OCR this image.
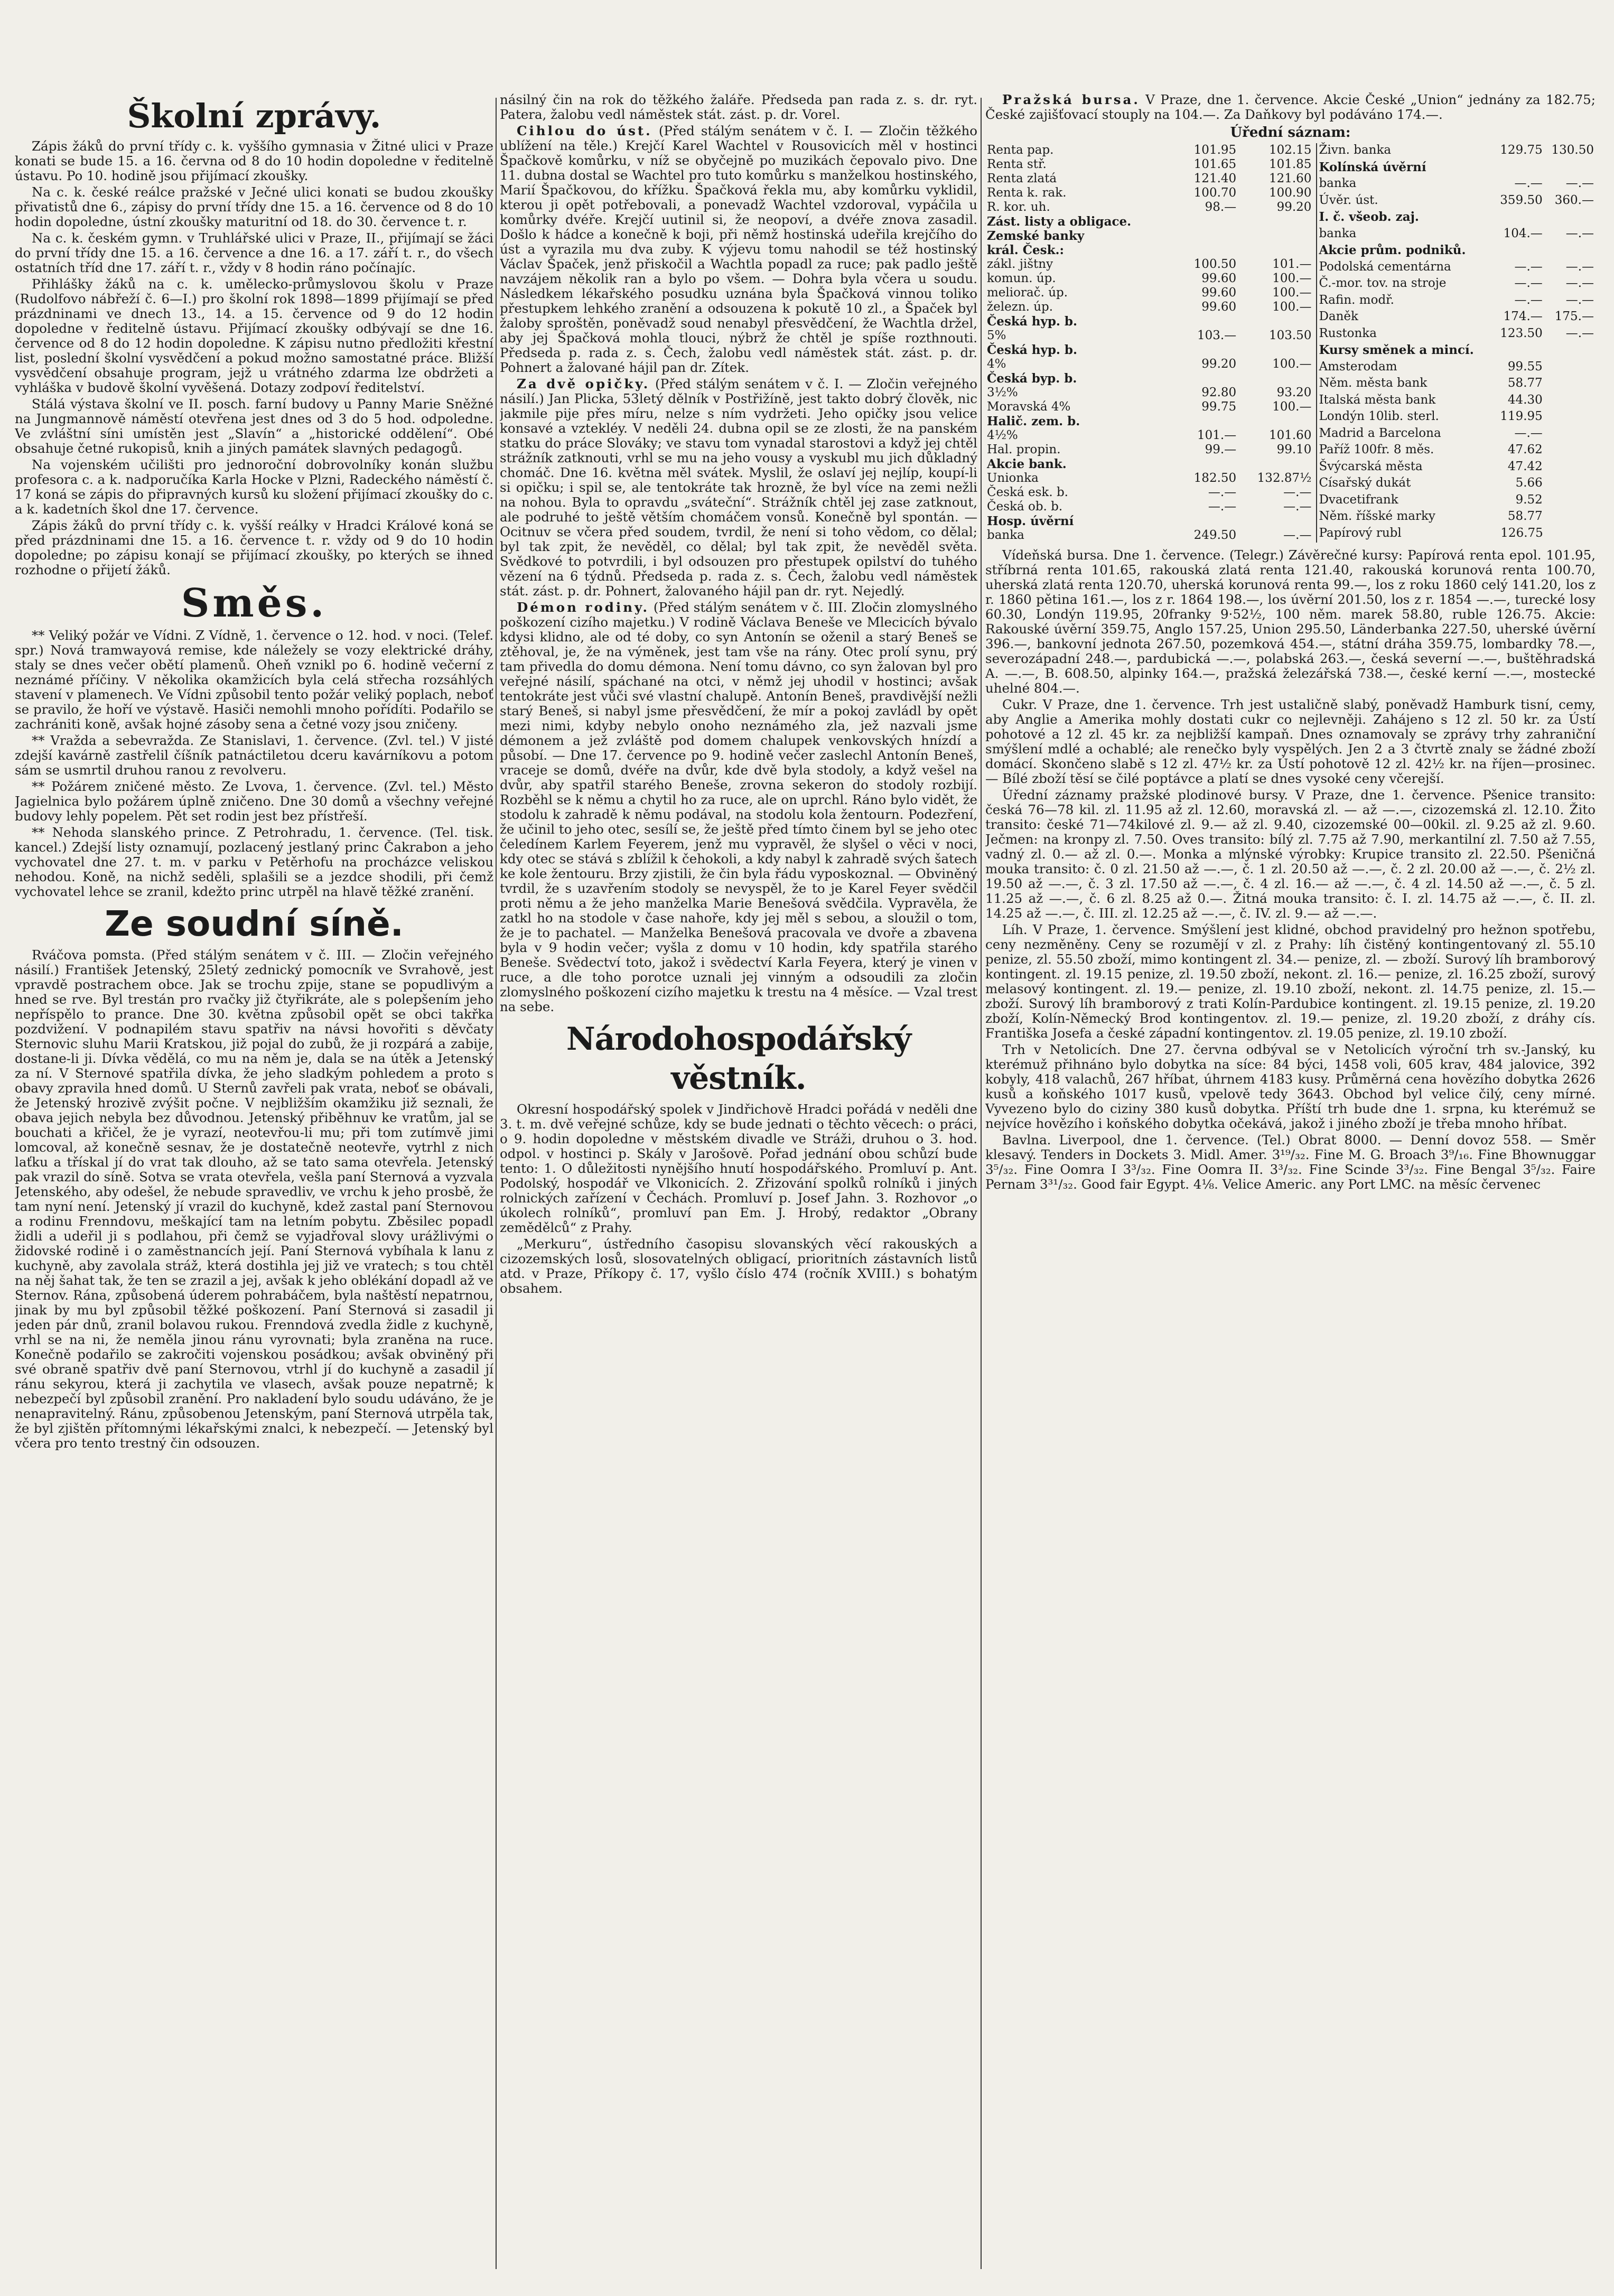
Školní zprávy.

Zápis žáků do první třídy c. k. vyššího gymnasia v Žitné ulici v Praze konati se bude 15. a 16. června od 8 do 10 hodin dopoledne v ředitelně ústavu. Po 10. hodině jsou přijímací zkoušky.

Na c. k. české reálce pražské v Ječné ulici konati se budou zkoušky přivatistů dne 6., zápisy do první třídy dne 15. a 16. července od 8 do 10 hodin dopoledne, ústní zkoušky maturitní od 18. do 30. července t. r.

Na c. k. českém gymn. v Truhlářské ulici v Praze, II., přijímají se žáci do první třídy dne 15. a 16. července a dne 16. a 17. září t. r., do všech ostatních tříd dne 17. září t. r., vždy v 8 hodin ráno počínajíc.

Přihlášky žáků na c. k. umělecko-průmyslovou školu v Praze (Rudolfovo nábřeží č. 6—I.) pro školní rok 1898—1899 přijímají se před prázdninami ve dnech 13., 14. a 15. července od 9 do 12 hodin dopoledne v ředitelně ústavu. Přijímací zkoušky odbývají se dne 16. července od 8 do 12 hodin dopoledne. K zápisu nutno předložiti křestní list, poslední školní vysvědčení a pokud možno samostatné práce. Bližší vysvědčení obsahuje program, jejž u vrátného zdarma lze obdržeti a vyhláška v budově školní vyvěšená. Dotazy zodpoví ředitelství.

Stálá výstava školní ve II. posch. farní budovy u Panny Marie Sněžné na Jungmannově náměstí otevřena jest dnes od 3 do 5 hod. odpoledne. Ve zvláštní síni umístěn jest „Slavín“ a „historické oddělení“. Obé obsahuje četné rukopisů, knih a jiných památek slavných pedagogů.

Na vojenském učilišti pro jednoroční dobrovolníky konán službu profesora c. a k. nadporučíka Karla Hocke v Plzni, Radeckého náměstí č. 17 koná se zápis do připravných kursů ku složení přijímací zkoušky do c. a k. kadetních škol dne 17. července.

Zápis žáků do první třídy c. k. vyšší reálky v Hradci Králové koná se před prázdninami dne 15. a 16. července t. r. vždy od 9 do 10 hodin dopoledne; po zápisu konají se přijímací zkoušky, po kterých se ihned rozhodne o přijetí žáků.

Směs.

** Veliký požár ve Vídni. Z Vídně, 1. července o 12. hod. v noci. (Telef. spr.) Nová tramwayová remise, kde náležely se vozy elektrické dráhy, staly se dnes večer obětí plamenů. Oheň vznikl po 6. hodině večerní z neznámé příčiny. V několika okamžicích byla celá střecha rozsáhlých stavení v plamenech. Ve Vídni způsobil tento požár veliký poplach, neboť se pravilo, že hoří ve výstavě. Hasiči nemohli mnoho pořídíti. Podařilo se zachrániti koně, avšak hojné zásoby sena a četné vozy jsou zničeny.

** Vražda a sebevražda. Ze Stanislavi, 1. července. (Zvl. tel.) V jisté zdejší kavárně zastřelil číšník patnáctiletou dceru kavárníkovu a potom sám se usmrtil druhou ranou z revolveru.

** Požárem zničené město. Ze Lvova, 1. července. (Zvl. tel.) Město Jagielnica bylo požárem úplně zničeno. Dne 30 domů a všechny veřejné budovy lehly popelem. Pět set rodin jest bez přístřeší.

** Nehoda slanského prince. Z Petrohradu, 1. července. (Tel. tisk. kancel.) Zdejší listy oznamují, pozlacený jestlaný princ Čakrabon a jeho vychovatel dne 27. t. m. v parku v Petěrhofu na procházce veliskou nehodou. Koně, na nichž seděli, splašili se a jezdce shodili, při čemž vychovatel lehce se zranil, kdežto princ utrpěl na hlavě těžké zranění.

Ze soudní síně.

Rváčova pomsta. (Před stálým senátem v č. III. — Zločin veřejného násilí.) František Jetenský, 25letý zednický pomocník ve Svrahově, jest vpravdě postrachem obce. Jak se trochu zpije, stane se popudlivým a hned se rve. Byl trestán pro rvačky již čtyřikráte, ale s polepšením jeho nepříspělo to prance. Dne 30. května způsobil opět se obci takřka pozdvižení. V podnapilém stavu spatřiv na návsi hovořiti s děvčaty Sternovic sluhu Marii Kratskou, již pojal do zubů, že ji rozpárá a zabije, dostane-li ji. Dívka vědělá, co mu na něm je, dala se na útěk a Jetenský za ní. V Sternové spatřila dívka, že jeho sladkým pohledem a proto s obavy zpravila hned domů. U Sternů zavřeli pak vrata, neboť se obávali, že Jetenský hrozivě zvýšit počne. V nejbližším okamžiku již seznali, že obava jejich nebyla bez důvodnou. Jetenský přiběhnuv ke vratům, jal se bouchati a křičel, že je vyrazí, neotevřou-li mu; při tom zutímvě jimi lomcoval, až konečně sesnav, že je dostatečně neotevře, vytrhl z nich laťku a třískal jí do vrat tak dlouho, až se tato sama otevřela. Jetenský pak vrazil do síně. Sotva se vrata otevřela, vešla paní Sternová a vyzvala Jetenského, aby odešel, že nebude spravedliv, ve vrchu k jeho prosbě, že tam nyní není. Jetenský jí vrazil do kuchyně, kdež zastal paní Sternovou a rodinu Frenndovu, meškající tam na letním pobytu. Zběsilec popadl židli a udeřil ji s podlahou, při čemž se vyjadřoval slovy urážlivými o židovské rodině i o zaměstnancích její. Paní Sternová vybíhala k lanu z kuchyně, aby zavolala stráž, která dostihla jej již ve vratech; s tou chtěl na něj šahat tak, že ten se zrazil a jej, avšak k jeho oblékání dopadl až ve Sternov. Rána, způsobená úderem pohrabáčem, byla naštěstí nepatrnou, jinak by mu byl způsobil těžké poškození. Paní Sternová si zasadil ji jeden pár dnů, zranil bolavou rukou. Frenndová zvedla židle z kuchyně, vrhl se na ni, že neměla jinou ránu vyrovnati; byla zraněna na ruce. Konečně podařilo se zakročiti vojenskou posádkou; avšak obviněný při své obraně spatřiv dvě paní Sternovou, vtrhl jí do kuchyně a zasadil jí ránu sekyrou, která ji zachytila ve vlasech, avšak pouze nepatrně; k nebezpečí byl způsobil zranění. Pro nakladení bylo soudu udáváno, že je nenapravitelný. Ránu, způsobenou Jetenským, paní Sternová utrpěla tak, že byl zjištěn přítomnými lékařskými znalci, k nebezpečí. — Jetenský byl včera pro tento trestný čin odsouzen.

násilný čin na rok do těžkého žaláře. Předseda pan rada z. s. dr. ryt. Patera, žalobu vedl náměstek stát. zást. p. dr. Vorel.

Cihlou do úst. (Před stálým senátem v č. I. — Zločin těžkého ublížení na těle.) Krejčí Karel Wachtel v Rousovicích měl v hostinci Špačkově komůrku, v níž se obyčejně po muzikách čepovalo pivo. Dne 11. dubna dostal se Wachtel pro tuto komůrku s manželkou hostinského, Marií Špačkovou, do křížku. Špačková řekla mu, aby komůrku vyklidil, kterou ji opět potřebovali, a ponevadž Wachtel vzdoroval, vypáčila u komůrky dvéře. Krejčí uutinil si, že neopoví, a dvéře znova zasadil. Došlo k hádce a konečně k boji, při němž hostinská udeřila krejčího do úst a vyrazila mu dva zuby. K výjevu tomu nahodil se též hostinský Václav Špaček, jenž přiskočil a Wachtla popadl za ruce; pak padlo ještě navzájem několik ran a bylo po všem. — Dohra byla včera u soudu. Následkem lékařského posudku uznána byla Špačková vinnou toliko přestupkem lehkého zranění a odsouzena k pokutě 10 zl., a Špaček byl žaloby sproštěn, poněvadž soud nenabyl přesvědčení, že Wachtla držel, aby jej Špačková mohla tlouci, nýbrž že chtěl je spíše rozthnouti. Předseda p. rada z. s. Čech, žalobu vedl náměstek stát. zást. p. dr. Pohnert a žalované hájil pan dr. Zítek.

Za dvě opičky. (Před stálým senátem v č. I. — Zločin veřejného násilí.) Jan Plicka, 53letý dělník v Postřižíně, jest takto dobrý člověk, nic jakmile pije přes míru, nelze s ním vydržeti. Jeho opičky jsou velice konsavé a vztekléy. V neděli 24. dubna opil se ze zlosti, že na panském statku do práce Slováky; ve stavu tom vynadal starostovi a když jej chtěl strážník zatknouti, vrhl se mu na jeho vousy a vyskubl mu jich důkladný chomáč. Dne 16. května měl svátek. Myslil, že oslaví jej nejlíp, koupí-li si opičku; i spil se, ale tentokráte tak hrozně, že byl více na zemi nežli na nohou. Byla to opravdu „sváteční“. Strážník chtěl jej zase zatknout, ale podruhé to ještě větším chomáčem vonsů. Konečně byl spontán. — Ocitnuv se včera před soudem, tvrdil, že není si toho vědom, co dělal; byl tak zpit, že nevěděl, co dělal; byl tak zpit, že nevěděl světa. Svědkové to potvrdili, i byl odsouzen pro přestupek opilství do tuhého vězení na 6 týdnů. Předseda p. rada z. s. Čech, žalobu vedl náměstek stát. zást. p. dr. Pohnert, žalovaného hájil pan dr. ryt. Nejedlý.

Démon rodiny. (Před stálým senátem v č. III. Zločin zlomyslného poškození cizího majetku.) V rodině Václava Beneše ve Mlecicích bývalo kdysi klidno, ale od té doby, co syn Antonín se oženil a starý Beneš se ztěhoval, je, že na výměnek, jest tam vše na rány. Otec prolí synu, prý tam přivedla do domu démona. Není tomu dávno, co syn žalovan byl pro veřejné násilí, spáchané na otci, v němž jej uhodil v hostinci; avšak tentokráte jest vůči své vlastní chalupě. Antonín Beneš, pravdivější nežli starý Beneš, si nabyl jsme přesvědčení, že mír a pokoj zavládl by opět mezi nimi, kdyby nebylo onoho neznámého zla, jež nazvali jsme démonem a jež zvláště pod domem chalupek venkovských hnízdí a působí. — Dne 17. července po 9. hodině večer zaslechl Antonín Beneš, vraceje se domů, dvéře na dvůr, kde dvě byla stodoly, a když vešel na dvůr, aby spatřil starého Beneše, zrovna sekeron do stodoly rozbijí. Rozběhl se k němu a chytil ho za ruce, ale on uprchl. Ráno bylo vidět, že stodolu k zahradě k němu podával, na stodolu kola žentourn. Podezření, že učinil to jeho otec, sesílí se, že ještě před tímto činem byl se jeho otec čeledínem Karlem Feyerem, jenž mu vypravěl, že slyšel o věci v noci, kdy otec se stává s zblížil k čehokoli, a kdy nabyl k zahradě svých šatech ke kole žentouru. Brzy zjistili, že čin byla řádu vyposkoznal. — Obviněný tvrdil, že s uzavřením stodoly se nevyspěl, že to je Karel Feyer svědčil proti němu a že jeho manželka Marie Benešová svědčila. Vypravěla, že zatkl ho na stodole v čase nahoře, kdy jej měl s sebou, a sloužil o tom, že je to pachatel. — Manželka Benešová pracovala ve dvoře a zbavena byla v 9 hodin večer; vyšla z domu v 10 hodin, kdy spatřila starého Beneše. Svědectví toto, jakož i svědectví Karla Feyera, který je vinen v ruce, a dle toho porotce uznali jej vinným a odsoudili za zločin zlomyslného poškození cizího majetku k trestu na 4 měsíce. — Vzal trest na sebe.

Národohospodářský věstník.

Okresní hospodářský spolek v Jindřichově Hradci pořádá v neděli dne 3. t. m. dvě veřejné schůze, kdy se bude jednati o těchto věcech: o práci, o 9. hodin dopoledne v městském divadle ve Stráži, druhou o 3. hod. odpol. v hostinci p. Skály v Jarošově. Pořad jednání obou schůzí bude tento: 1. O důležitosti nynějšího hnutí hospodářského. Promluví p. Ant. Podolský, hospodář ve Vlkonicích. 2. Zřizování spolků rolníků i jiných rolnických zařízení v Čechách. Promluví p. Josef Jahn. 3. Rozhovor „o úkolech rolníků“, promluví pan Em. J. Hrobý, redaktor „Obrany zemědělců“ z Prahy.

„Merkuru“, ústředního časopisu slovanských věcí rakouských a cizozemských losů, slosovatelných obligací, prioritních zástavních listů atd. v Praze, Příkopy č. 17, vyšlo číslo 474 (ročník XVIII.) s bohatým obsahem.

Pražská bursa. V Praze, dne 1. července. Akcie České „Union“ jednány za 182.75; České zajišťovací stouply na 104.—. Za Daňkovy byl podáváno 174.—.

Úřední sáznam:
Renta pap.	101.95	102.15
Renta stř.	101.65	101.85
Renta zlatá	121.40	121.60
Renta k. rak.	100.70	100.90
R. kor. uh.	98.—	99.20
Zást. listy a obligace.		
Zemské banky		
král. Česk.:		
zákl. jištny	100.50	101.—
komun. úp.	99.60	100.—
meliorač. úp.	99.60	100.—
železn. úp.	99.60	100.—
Česká hyp. b.		
5%	103.—	103.50
Česká hyp. b.		
4%	99.20	100.—
Česká byp. b.		
3½%	92.80	93.20
Moravská 4%	99.75	100.—
Halič. zem. b.		
4½%	101.—	101.60
Hal. propin.	99.—	99.10
Akcie bank.		
Unionka	182.50	132.87½
Česká esk. b.	—.—	—.—
Česká ob. b.	—.—	—.—
Hosp. úvěrní		
banka	249.50	—.—
Živn. banka	129.75	130.50
Kolínská úvěrní		
banka	—.—	—.—
Úvěr. úst.	359.50	360.—
I. č. všeob. zaj.		
banka	104.—	—.—
Akcie prům. podniků.		
Podolská cementárna	—.—	—.—
Č.-mor. tov. na stroje	—.—	—.—
Rafin. modř.	—.—	—.—
Daněk	174.—	175.—
Rustonka	123.50	—.—
Kursy směnek a mincí.		
Amsterodam	99.55	
Něm. města bank	58.77	
Italská města bank	44.30	
Londýn 10lib. sterl.	119.95	
Madrid a Barcelona	—.—	
Paříž 100fr. 8 měs.	47.62	
Švýcarská města	47.42	
Císařský dukát	5.66	
Dvacetifrank	9.52	
Něm. říšské marky	58.77	
Papírový rubl	126.75	

Vídeňská bursa. Dne 1. července. (Telegr.) Závěrečné kursy: Papírová renta epol. 101.95, stříbrná renta 101.65, rakouská zlatá renta 121.40, rakouská korunová renta 100.70, uherská zlatá renta 120.70, uherská korunová renta 99.—, los z roku 1860 celý 141.20, los z r. 1860 pětina 161.—, los z r. 1864 198.—, los úvěrní 201.50, los z r. 1854 —.—, turecké losy 60.30, Londýn 119.95, 20franky 9·52½, 100 něm. marek 58.80, ruble 126.75. Akcie: Rakouské úvěrní 359.75, Anglo 157.25, Union 295.50, Länderbanka 227.50, uherské úvěrní 396.—, bankovní jednota 267.50, pozemková 454.—, státní dráha 359.75, lombardky 78.—, severozápadní 248.—, pardubická —.—, polabská 263.—, česká severní —.—, buštěhradská A. —.—, B. 608.50, alpinky 164.—, pražská železářská 738.—, české kerní —.—, mostecké uhelné 804.—.

Cukr. V Praze, dne 1. července. Trh jest ustaličně slabý, poněvadž Hamburk tisní, cemy, aby Anglie a Amerika mohly dostati cukr co nejlevněji. Zahájeno s 12 zl. 50 kr. za Ústí pohotové a 12 zl. 45 kr. za nejbližší kampaň. Dnes oznamovaly se zprávy trhy zahraniční smýšlení mdlé a ochablé; ale renečko byly vyspělých. Jen 2 a 3 čtvrtě znaly se žádné zboží domácí. Skončeno slabě s 12 zl. 47½ kr. za Ústí pohotově 12 zl. 42½ kr. na říjen—prosinec. — Bílé zboží těsí se čilé poptávce a platí se dnes vysoké ceny včerejší.

Úřední záznamy pražské plodinové bursy. V Praze, dne 1. července. Pšenice transito: česká 76—78 kil. zl. 11.95 až zl. 12.60, moravská zl. — až —.—, cizozemská zl. 12.10. Žito transito: české 71—74kilové zl. 9.— až zl. 9.40, cizozemské 00—00kil. zl. 9.25 až zl. 9.60. Ječmen: na kronpy zl. 7.50. Oves transito: bílý zl. 7.75 až 7.90, merkantilní zl. 7.50 až 7.55, vadný zl. 0.— až zl. 0.—. Monka a mlýnské výrobky: Krupice transito zl. 22.50. Pšeničná mouka transito: č. 0 zl. 21.50 až —.—, č. 1 zl. 20.50 až —.—, č. 2 zl. 20.00 až —.—, č. 2½ zl. 19.50 až —.—, č. 3 zl. 17.50 až —.—, č. 4 zl. 16.— až —.—, č. 4 zl. 14.50 až —.—, č. 5 zl. 11.25 až —.—, č. 6 zl. 8.25 až 0.—. Žitná mouka transito: č. I. zl. 14.75 až —.—, č. II. zl. 14.25 až —.—, č. III. zl. 12.25 až —.—, č. IV. zl. 9.— až —.—.

Líh. V Praze, 1. července. Smýšlení jest klidné, obchod pravidelný pro hežnon spotřebu, ceny nezměněny. Ceny se rozumějí v zl. z Prahy: líh čistěný kontingentovaný zl. 55.10 penize, zl. 55.50 zboží, mimo kontingent zl. 34.— penize, zl. — zboží. Surový líh bramborový kontingent. zl. 19.15 penize, zl. 19.50 zboží, nekont. zl. 16.— penize, zl. 16.25 zboží, surový melasový kontingent. zl. 19.— penize, zl. 19.10 zboží, nekont. zl. 14.75 penize, zl. 15.— zboží. Surový líh bramborový z trati Kolín-Pardubice kontingent. zl. 19.15 penize, zl. 19.20 zboží, Kolín-Německý Brod kontingentov. zl. 19.— penize, zl. 19.20 zboží, z dráhy cís. Františka Josefa a české západní kontingentov. zl. 19.05 penize, zl. 19.10 zboží.

Trh v Netolicích. Dne 27. června odbýval se v Netolicích výroční trh sv.-Janský, ku kterémuž přihnáno bylo dobytka na síce: 84 býci, 1458 voli, 605 krav, 484 jalovice, 392 kobyly, 418 valachů, 267 hříbat, úhrnem 4183 kusy. Průměrná cena hovězího dobytka 2626 kusů a koňského 1017 kusů, vpelově tedy 3643. Obchod byl velice čilý, ceny mírné. Vyvezeno bylo do ciziny 380 kusů dobytka. Příští trh bude dne 1. srpna, ku kterémuž se nejvíce hovězího i koňského dobytka očekává, jakož i jiného zboží je třeba mnoho hříbat.

Bavlna. Liverpool, dne 1. července. (Tel.) Obrat 8000. — Denní dovoz 558. — Směr klesavý. Tenders in Dockets 3. Midl. Amer. 3¹⁹/₃₂. Fine M. G. Broach 3⁹/₁₆. Fine Bhownuggar 3⁵/₃₂. Fine Oomra I 3³/₃₂. Fine Oomra II. 3³/₃₂. Fine Scinde 3³/₃₂. Fine Bengal 3⁵/₃₂. Faire Pernam 3³¹/₃₂. Good fair Egypt. 4⅛. Velice Americ. any Port LMC. na měsíc červenec
